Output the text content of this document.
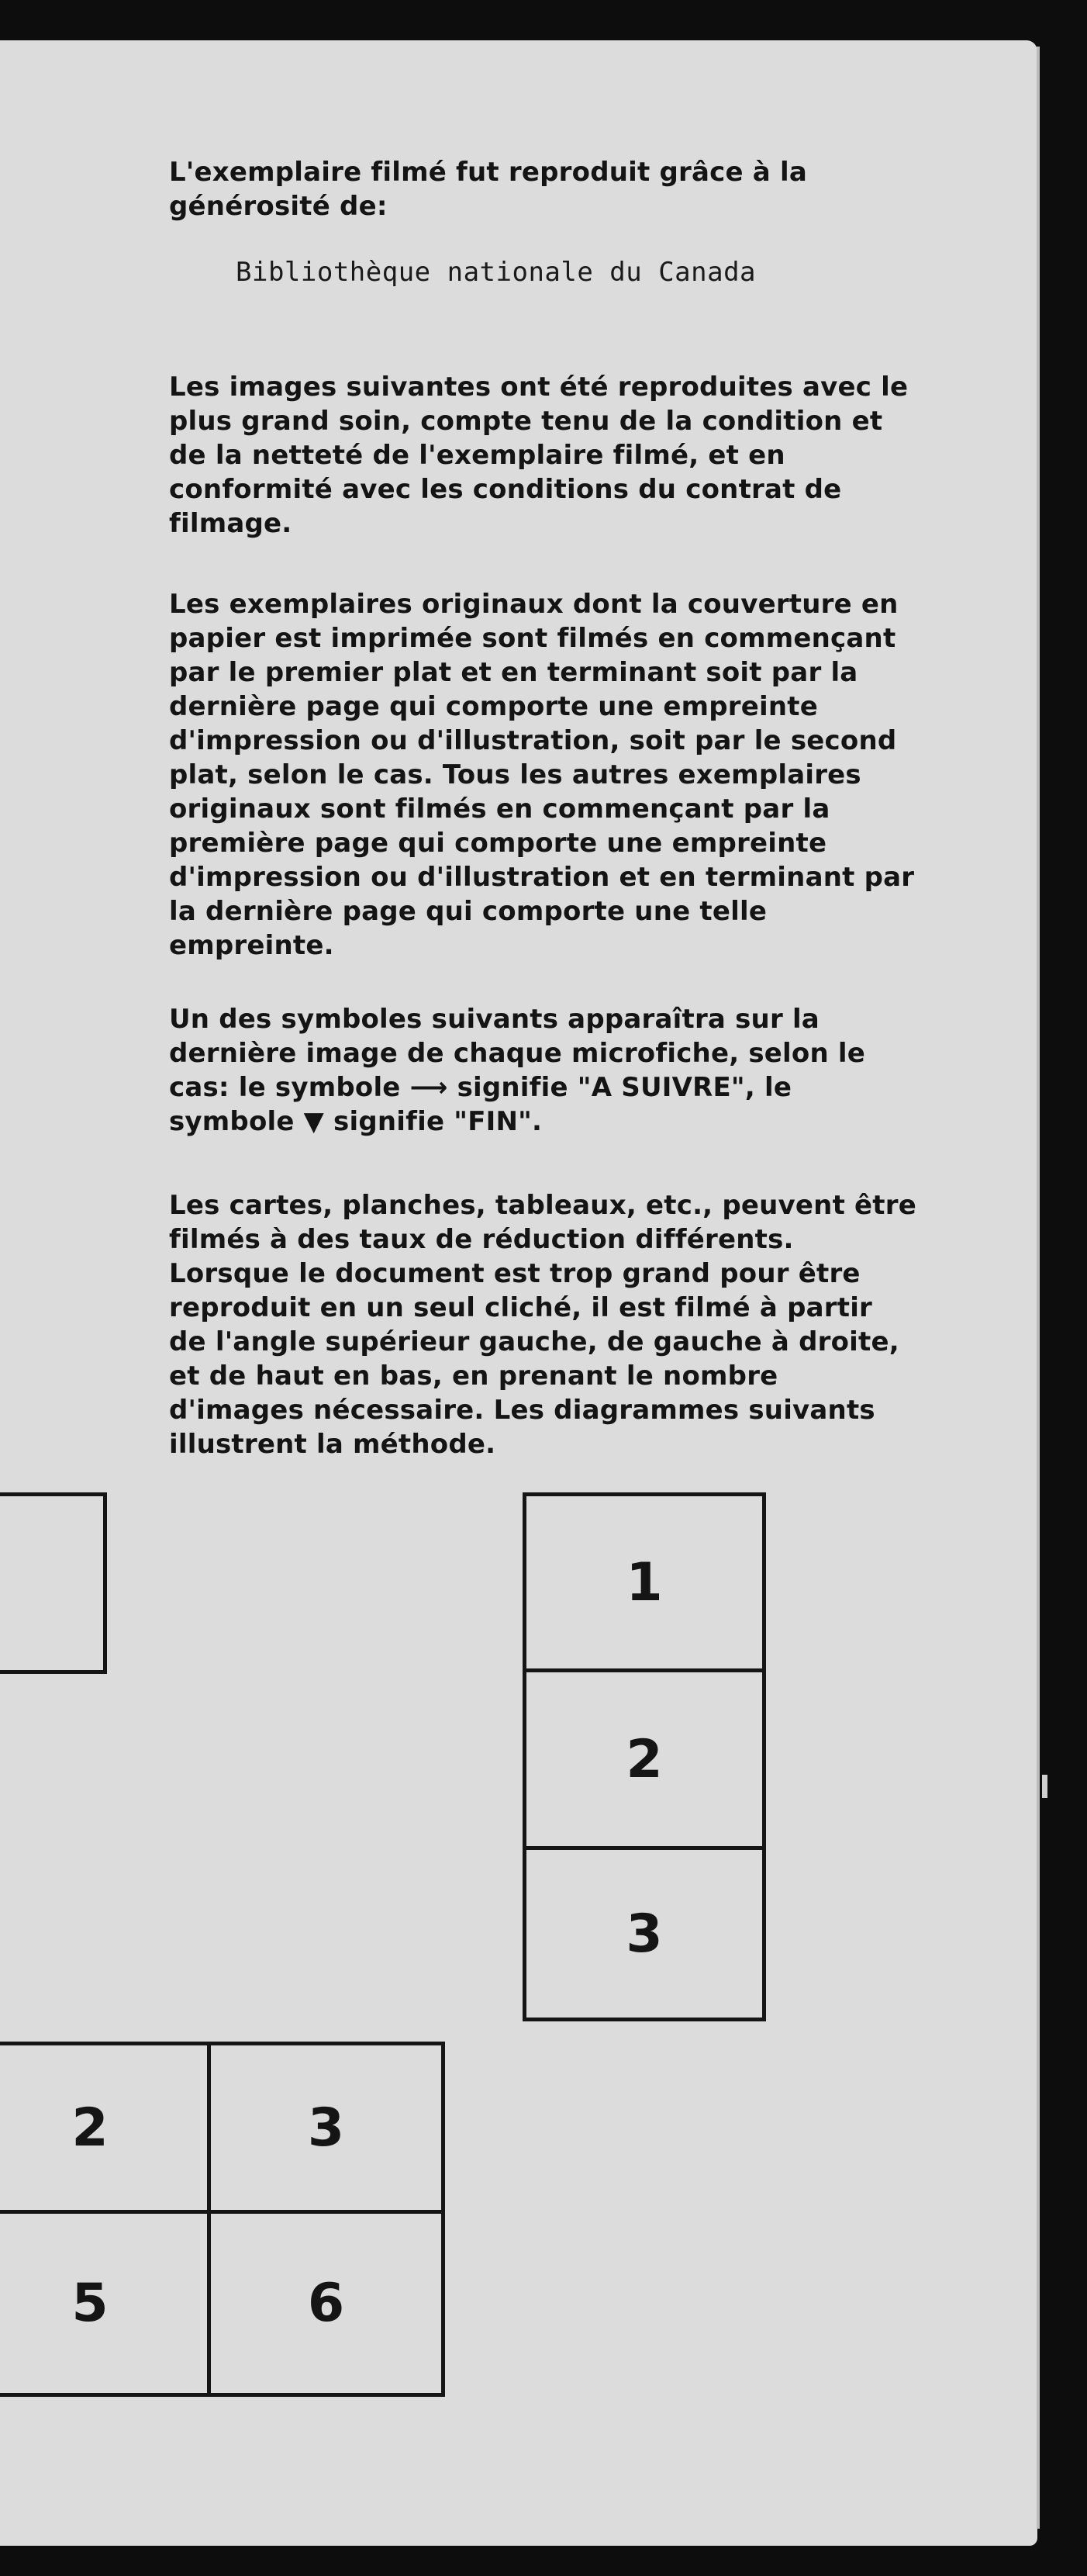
L'exemplaire filmé fut reproduit grâce à la
générosité de:
Bibliothèque nationale du Canada
Les images suivantes ont été reproduites avec le
plus grand soin, compte tenu de la condition et
de la netteté de l'exemplaire filmé, et en
conformité avec les conditions du contrat de
filmage.
Les exemplaires originaux dont la couverture en
papier est imprimée sont filmés en commençant
par le premier plat et en terminant soit par la
dernière page qui comporte une empreinte
d'impression ou d'illustration, soit par le second
plat, selon le cas. Tous les autres exemplaires
originaux sont filmés en commençant par la
première page qui comporte une empreinte
d'impression ou d'illustration et en terminant par
la dernière page qui comporte une telle
empreinte.
Un des symboles suivants apparaîtra sur la
dernière image de chaque microfiche, selon le
cas: le symbole ⟶ signifie "A SUIVRE", le
symbole ▼ signifie "FIN".
Les cartes, planches, tableaux, etc., peuvent être
filmés à des taux de réduction différents.
Lorsque le document est trop grand pour être
reproduit en un seul cliché, il est filmé à partir
de l'angle supérieur gauche, de gauche à droite,
et de haut en bas, en prenant le nombre
d'images nécessaire. Les diagrammes suivants
illustrent la méthode.
1
2
3
2	3
5	6
